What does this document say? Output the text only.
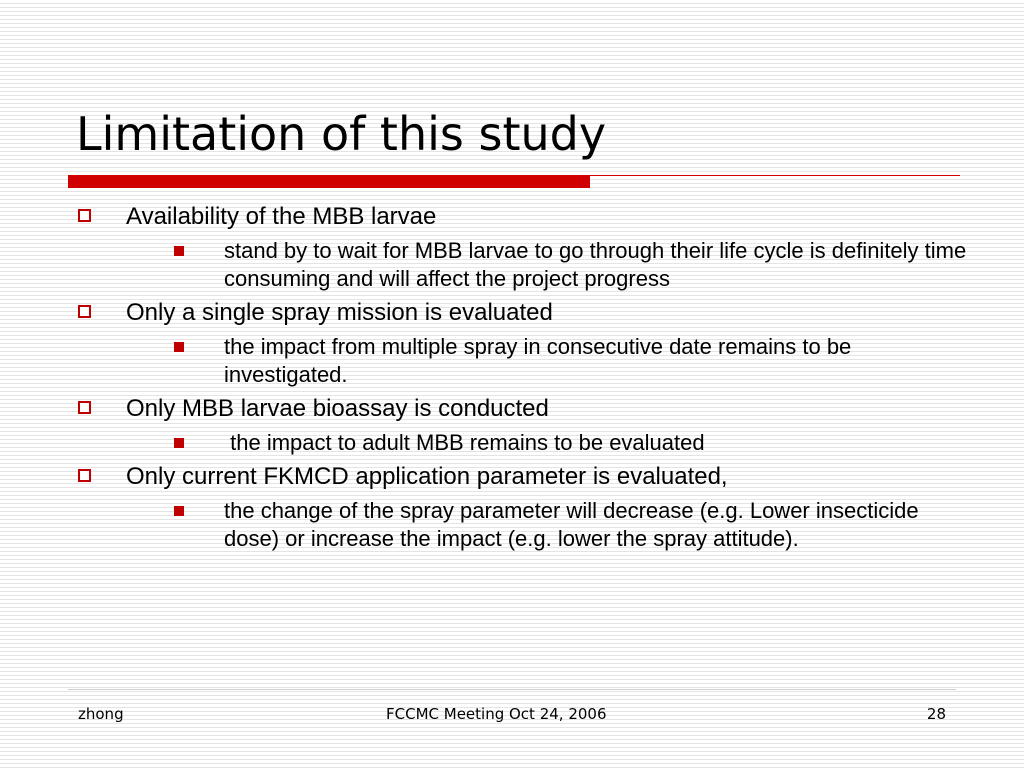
Limitation of this study
Availability of the MBB larvae
stand by to wait for MBB larvae to go through their life cycle is definitely time consuming and will affect the project progress
Only a single spray mission is evaluated
the impact from multiple spray in consecutive date remains to be investigated.
Only MBB larvae bioassay is conducted
the impact to adult MBB remains to be evaluated
Only current FKMCD application parameter is evaluated,
the change of the spray parameter will decrease (e.g. Lower insecticide dose) or increase the impact (e.g. lower the spray attitude).
zhong	FCCMC Meeting Oct 24, 2006	28
